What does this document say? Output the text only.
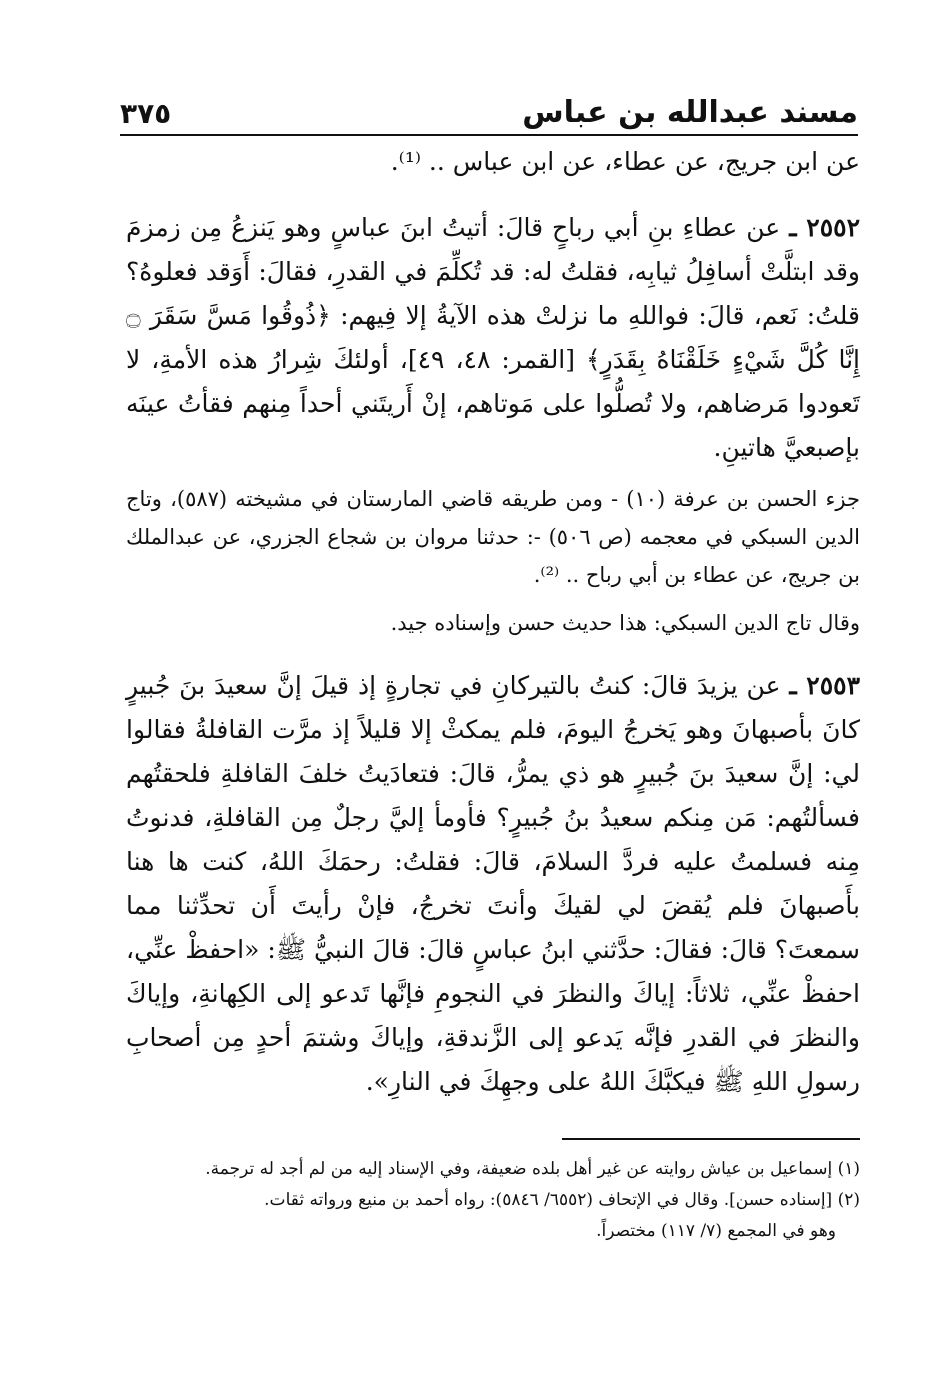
مسند عبدالله بن عباس
٣٧٥

عن ابن جريج، عن عطاء، عن ابن عباس .. ⁽¹⁾.

٢٥٥٢ ـ عن عطاءِ بنِ أبي رباحٍ قالَ: أتيتُ ابنَ عباسٍ وهو يَنزعُ مِن زمزمَ وقد ابتلَّتْ أسافِلُ ثيابِه، فقلتُ له: قد تُكلِّمَ في القدرِ، فقالَ: أَوَقد فعلوهُ؟ قلتُ: نَعم، قالَ: فواللهِ ما نزلتْ هذه الآيةُ إلا فِيهم: ﴿ذُوقُوا مَسَّ سَقَرَ ۝ إِنَّا كُلَّ شَيْءٍ خَلَقْنَاهُ بِقَدَرٍ﴾ [القمر: ٤٨، ٤٩]، أولئكَ شِرارُ هذه الأمةِ، لا تَعودوا مَرضاهم، ولا تُصلُّوا على مَوتاهم، إنْ أَريتَني أحداً مِنهم فقأتُ عينَه بإصبعيَّ هاتينِ.

جزء الحسن بن عرفة (١٠) - ومن طريقه قاضي المارستان في مشيخته (٥٨٧)، وتاج الدين السبكي في معجمه (ص ٥٠٦) -: حدثنا مروان بن شجاع الجزري، عن عبدالملك بن جريج، عن عطاء بن أبي رباح .. ⁽²⁾.

وقال تاج الدين السبكي: هذا حديث حسن وإسناده جيد.

٢٥٥٣ ـ عن يزيدَ قالَ: كنتُ بالتيركانِ في تجارةٍ إذ قيلَ إنَّ سعيدَ بنَ جُبيرٍ كانَ بأصبهانَ وهو يَخرجُ اليومَ، فلم يمكثْ إلا قليلاً إذ مرَّت القافلةُ فقالوا لي: إنَّ سعيدَ بنَ جُبيرٍ هو ذي يمرُّ، قالَ: فتعادَيتُ خلفَ القافلةِ فلحقتُهم فسألتُهم: مَن مِنكم سعيدُ بنُ جُبيرٍ؟ فأومأ إليَّ رجلٌ مِن القافلةِ، فدنوتُ مِنه فسلمتُ عليه فردَّ السلامَ، قالَ: فقلتُ: رحمَكَ اللهُ، كنت ها هنا بأَصبهانَ فلم يُقضَ لي لقيكَ وأنتَ تخرجُ، فإنْ رأيتَ أَن تحدِّثنا مما سمعتَ؟ قالَ: فقالَ: حدَّثني ابنُ عباسٍ قالَ: قالَ النبيُّ ﷺ: «احفظْ عنِّي، احفظْ عنِّي، ثلاثاً: إياكَ والنظرَ في النجومِ فإنَّها تَدعو إلى الكِهانةِ، وإياكَ والنظرَ في القدرِ فإنَّه يَدعو إلى الزَّندقةِ، وإياكَ وشتمَ أحدٍ مِن أصحابِ رسولِ اللهِ ﷺ فيكبَّكَ اللهُ على وجهِكَ في النارِ».

(١) إسماعيل بن عياش روايته عن غير أهل بلده ضعيفة، وفي الإسناد إليه من لم أجد له ترجمة.

(٢) [إسناده حسن]. وقال في الإتحاف (٦٥٥٢/ ٥٨٤٦): رواه أحمد بن منيع ورواته ثقات.

وهو في المجمع (٧/ ١١٧) مختصراً.
